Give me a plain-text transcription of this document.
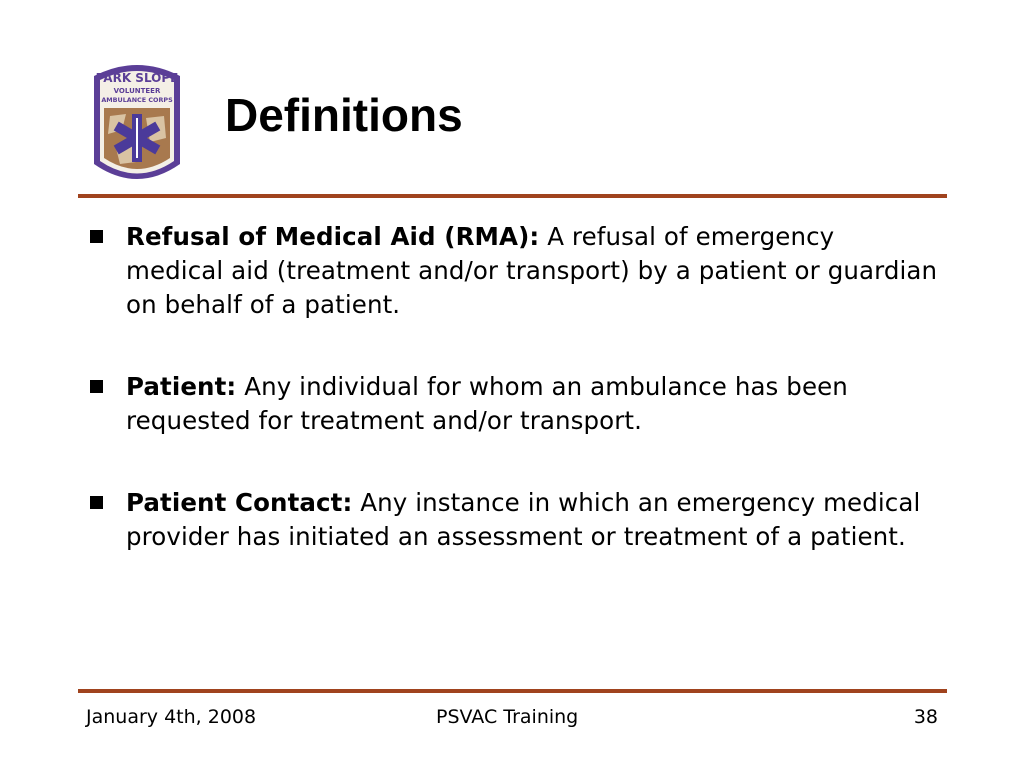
PARK SLOPE
VOLUNTEER
AMBULANCE CORPS Definitions
Refusal of Medical Aid (RMA): A refusal of emergency medical aid (treatment and/or transport) by a patient or guardian on behalf of a patient.
Patient: Any individual for whom an ambulance has been requested for treatment and/or transport.
Patient Contact: Any instance in which an emergency medical provider has initiated an assessment or treatment of a patient.
January 4th, 2008	PSVAC Training	38
